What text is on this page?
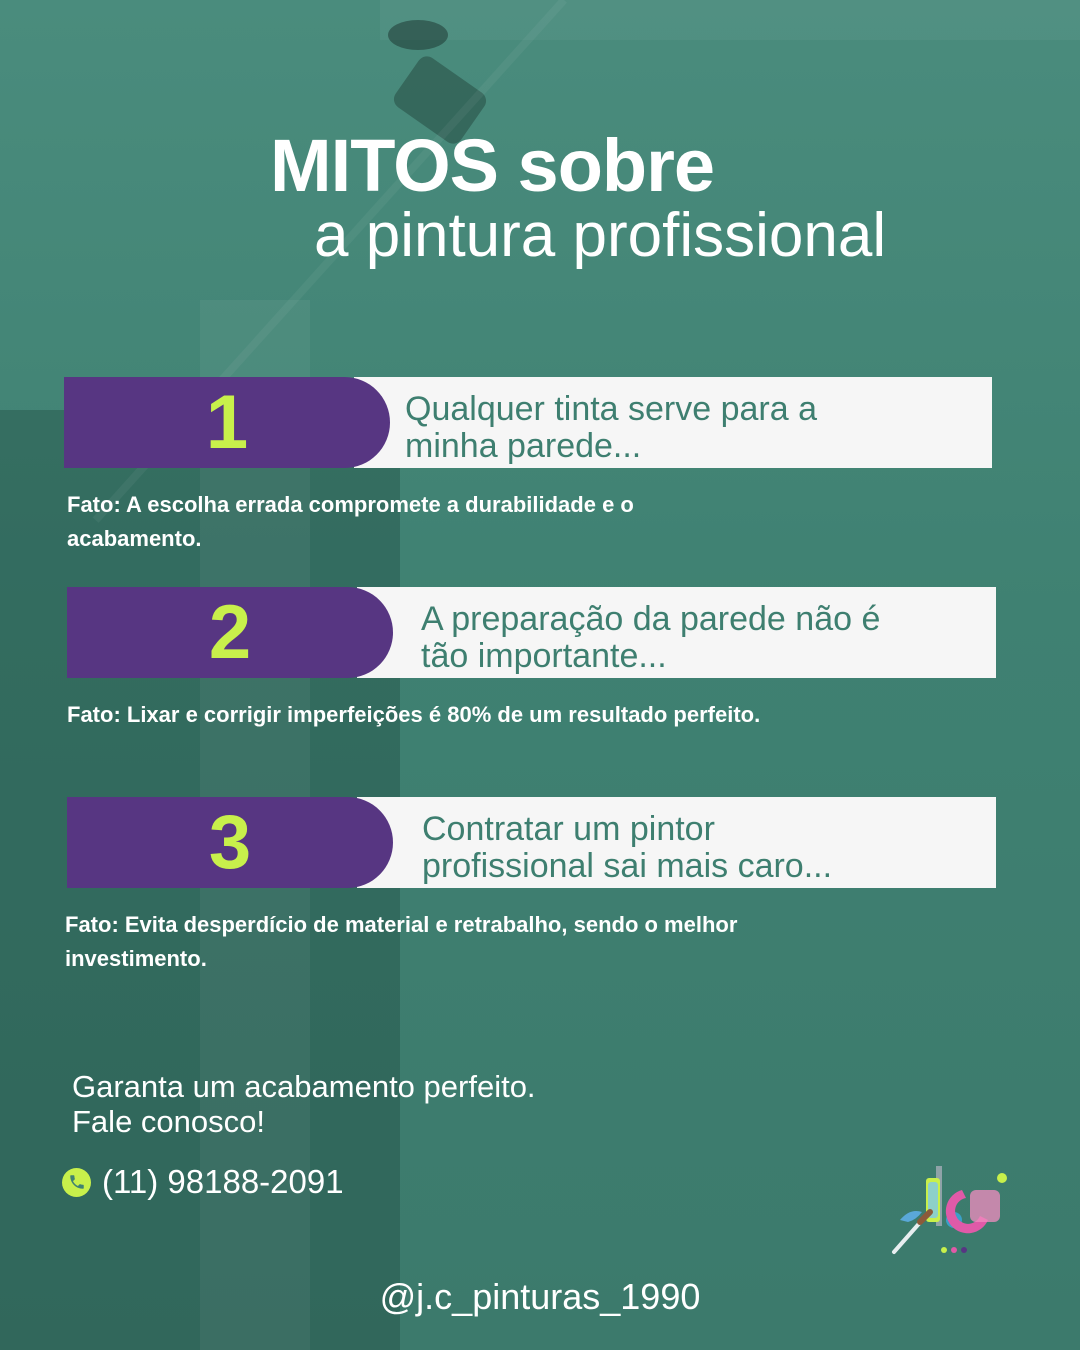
MITOS sobre
a pintura profissional
1	Qualquer tinta serve para a
minha parede...
Fato: A escolha errada compromete a durabilidade e o
acabamento.
2	A preparação da parede não é
tão importante...
Fato: Lixar e corrigir imperfeições é 80% de um resultado perfeito.
3	Contratar um pintor
profissional sai mais caro...
Fato: Evita desperdício de material e retrabalho, sendo o melhor
investimento.
Garanta um acabamento perfeito.
Fale conosco!
(11) 98188-2091
@j.c_pinturas_1990
